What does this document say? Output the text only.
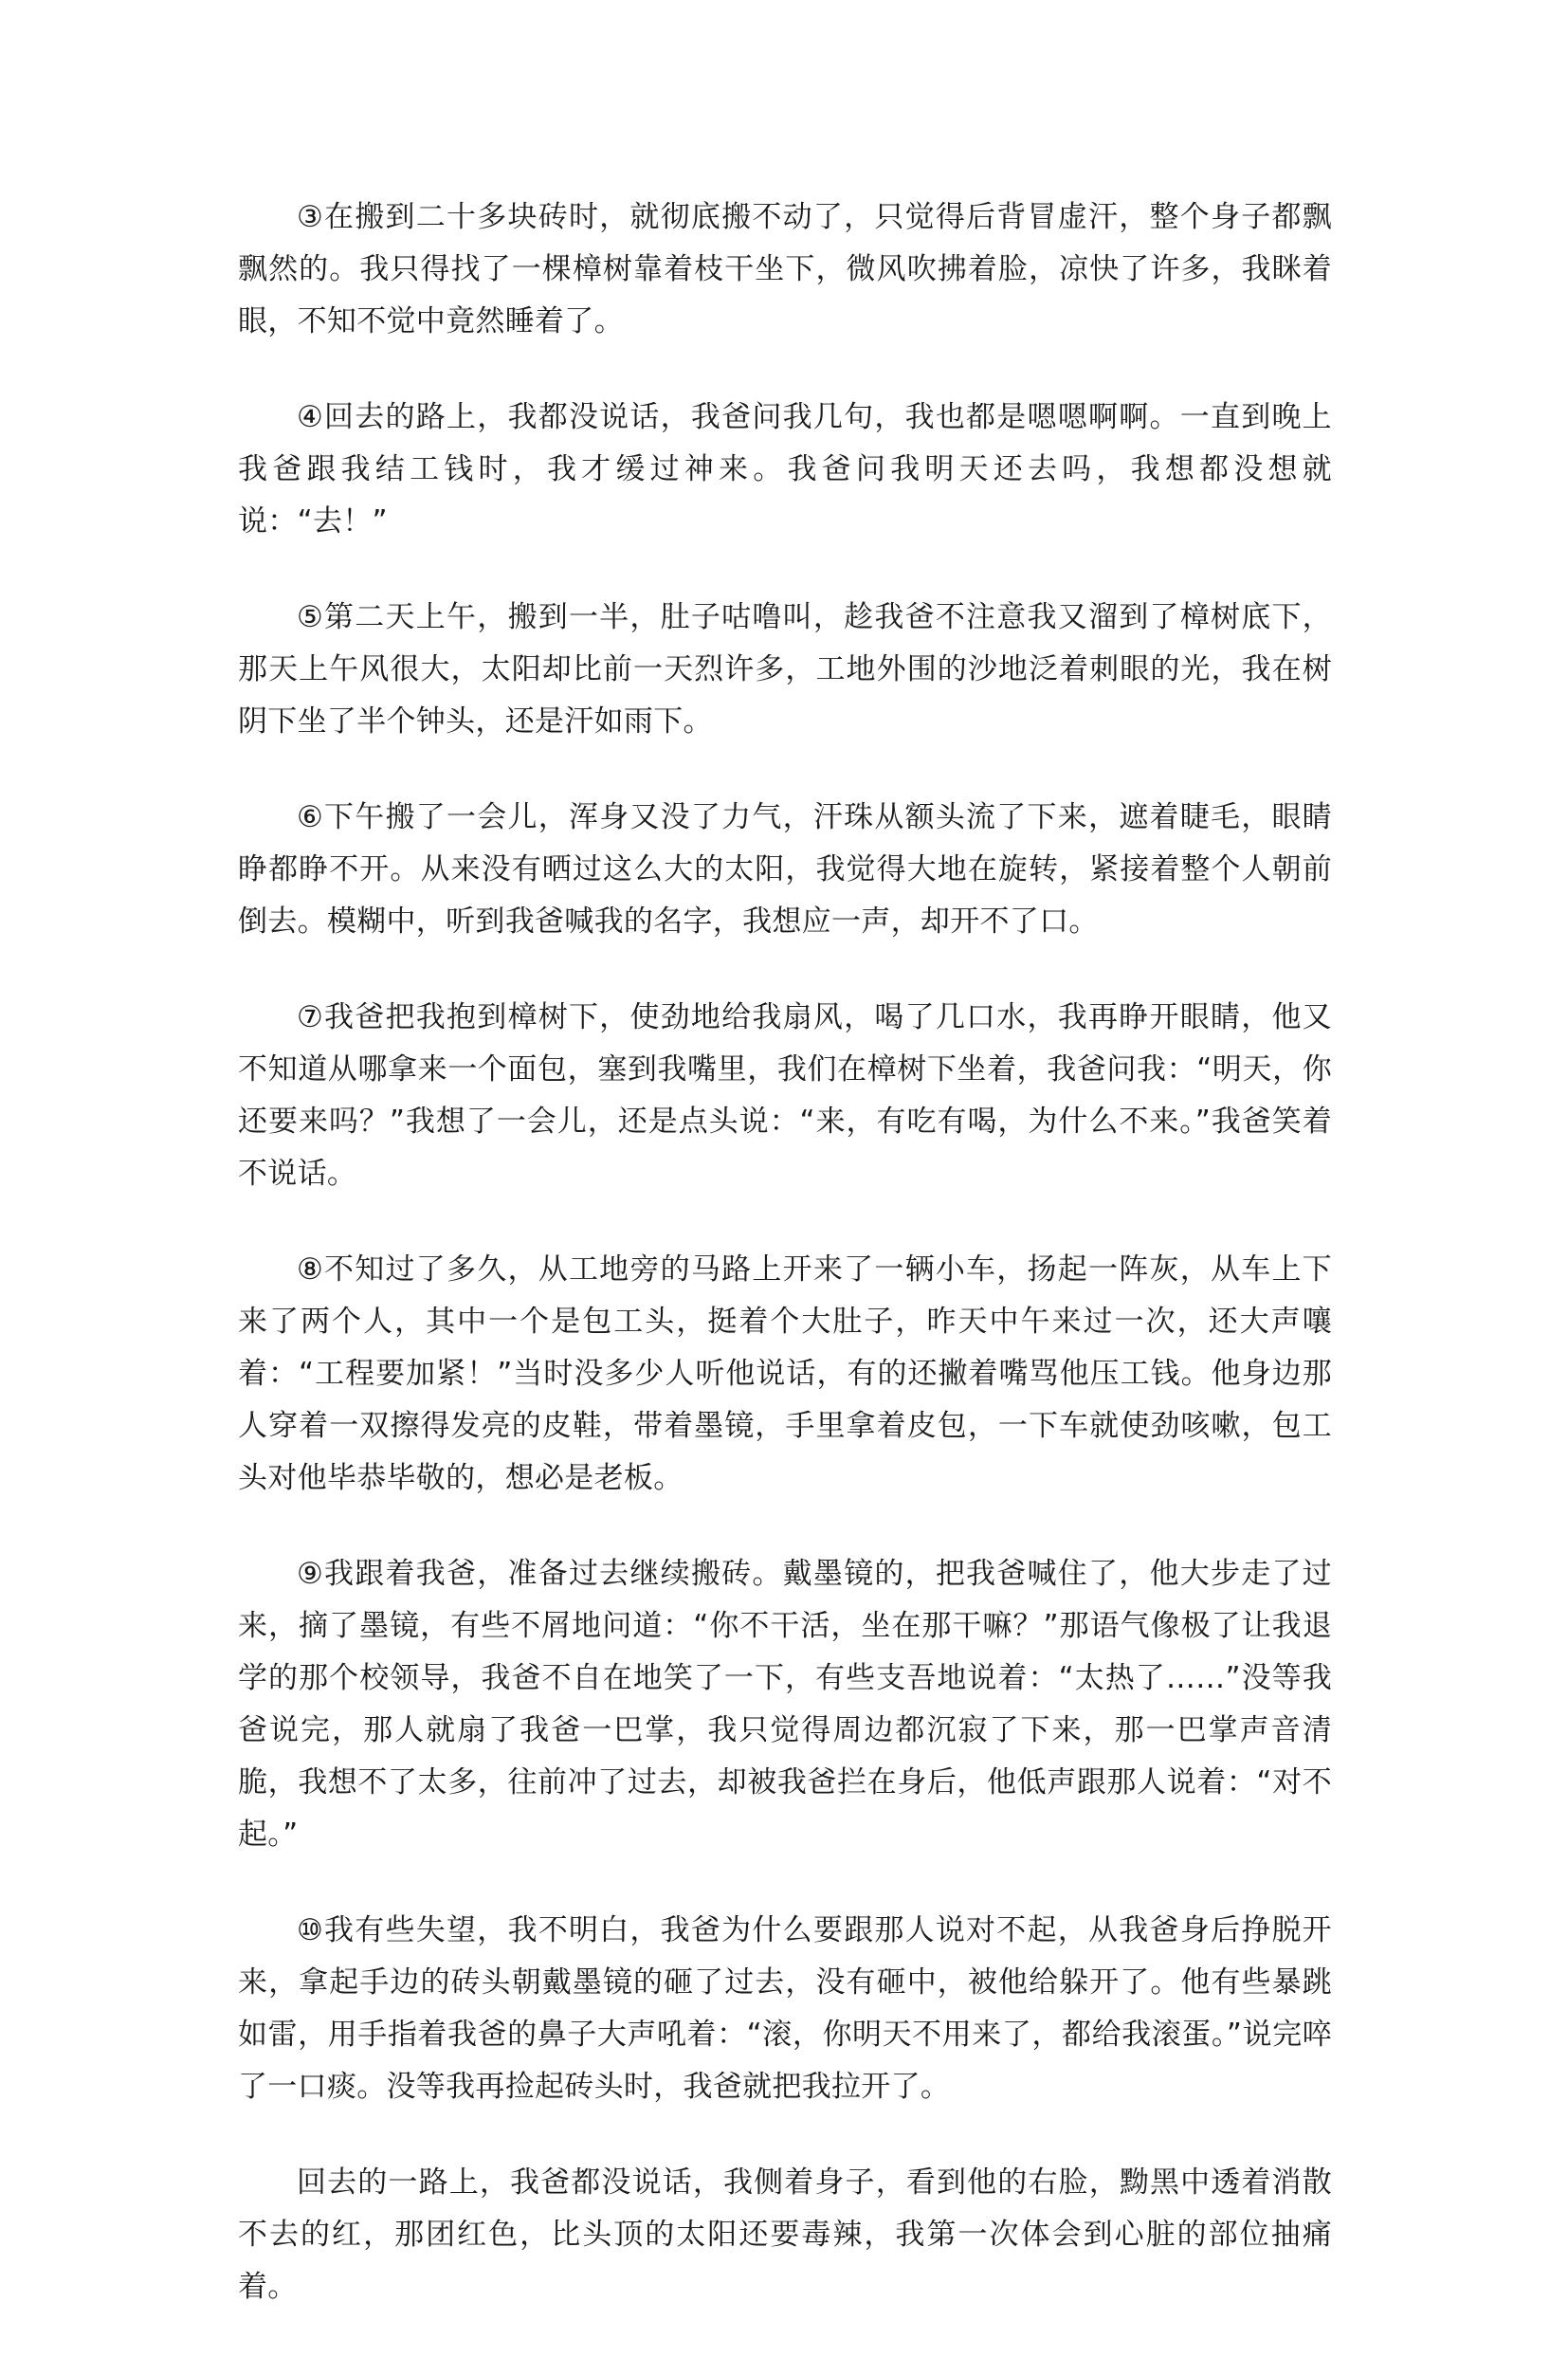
③在搬到二十多块砖时，就彻底搬不动了，只觉得后背冒虚汗，整个身子都飘飘然的。我只得找了一棵樟树靠着枝干坐下，微风吹拂着脸，凉快了许多，我眯着眼，不知不觉中竟然睡着了。

④回去的路上，我都没说话，我爸问我几句，我也都是嗯嗯啊啊。一直到晚上我爸跟我结工钱时，我才缓过神来。我爸问我明天还去吗，我想都没想就说：“去！”

⑤第二天上午，搬到一半，肚子咕噜叫，趁我爸不注意我又溜到了樟树底下，那天上午风很大，太阳却比前一天烈许多，工地外围的沙地泛着刺眼的光，我在树阴下坐了半个钟头，还是汗如雨下。

⑥下午搬了一会儿，浑身又没了力气，汗珠从额头流了下来，遮着睫毛，眼睛睁都睁不开。从来没有晒过这么大的太阳，我觉得大地在旋转，紧接着整个人朝前倒去。模糊中，听到我爸喊我的名字，我想应一声，却开不了口。

⑦我爸把我抱到樟树下，使劲地给我扇风，喝了几口水，我再睁开眼睛，他又不知道从哪拿来一个面包，塞到我嘴里，我们在樟树下坐着，我爸问我：“明天，你还要来吗？”我想了一会儿，还是点头说：“来，有吃有喝，为什么不来。”我爸笑着不说话。

⑧不知过了多久，从工地旁的马路上开来了一辆小车，扬起一阵灰，从车上下来了两个人，其中一个是包工头，挺着个大肚子，昨天中午来过一次，还大声嚷着：“工程要加紧！”当时没多少人听他说话，有的还撇着嘴骂他压工钱。他身边那人穿着一双擦得发亮的皮鞋，带着墨镜，手里拿着皮包，一下车就使劲咳嗽，包工头对他毕恭毕敬的，想必是老板。

⑨我跟着我爸，准备过去继续搬砖。戴墨镜的，把我爸喊住了，他大步走了过来，摘了墨镜，有些不屑地问道：“你不干活，坐在那干嘛？”那语气像极了让我退学的那个校领导，我爸不自在地笑了一下，有些支吾地说着：“太热了……”没等我爸说完，那人就扇了我爸一巴掌，我只觉得周边都沉寂了下来，那一巴掌声音清脆，我想不了太多，往前冲了过去，却被我爸拦在身后，他低声跟那人说着：“对不起。”

⑩我有些失望，我不明白，我爸为什么要跟那人说对不起，从我爸身后挣脱开来，拿起手边的砖头朝戴墨镜的砸了过去，没有砸中，被他给躲开了。他有些暴跳如雷，用手指着我爸的鼻子大声吼着：“滚，你明天不用来了，都给我滚蛋。”说完啐了一口痰。没等我再捡起砖头时，我爸就把我拉开了。

回去的一路上，我爸都没说话，我侧着身子，看到他的右脸，黝黑中透着消散不去的红，那团红色，比头顶的太阳还要毒辣，我第一次体会到心脏的部位抽痛着。
